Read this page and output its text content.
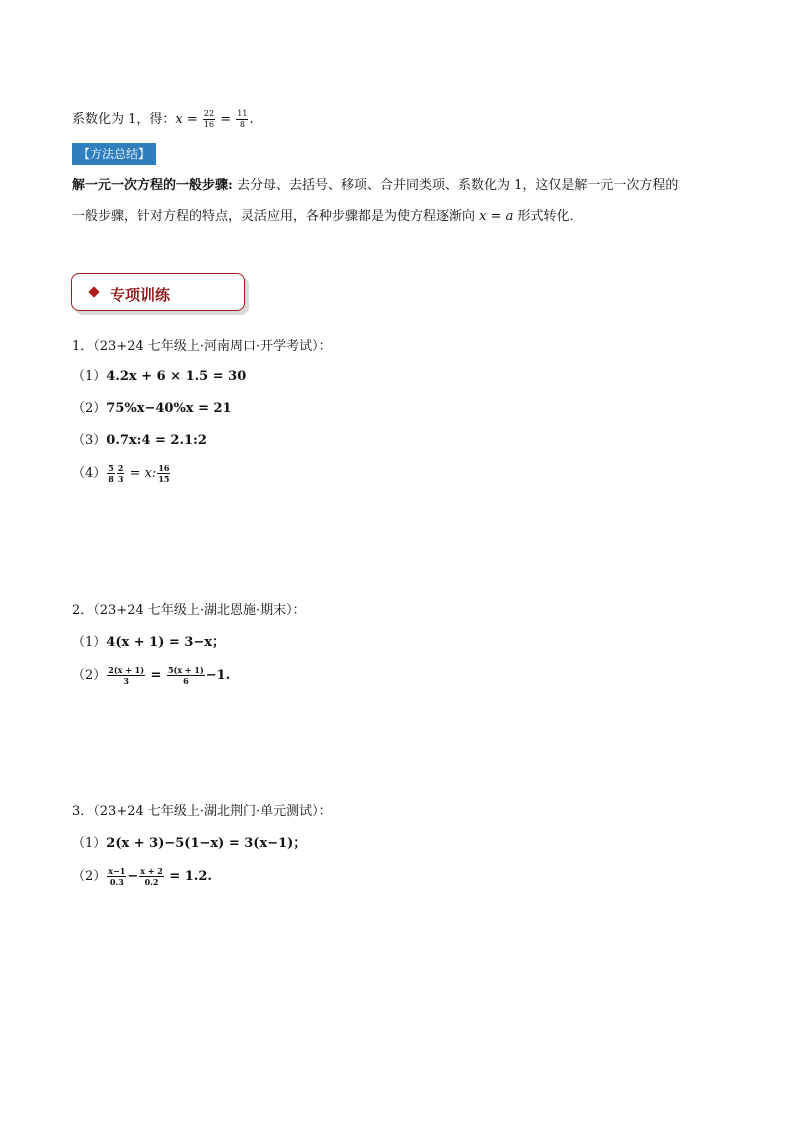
系数化为 1，得：$x = \frac{22}{16} = \frac{11}{8}$ .
【方法总结】
解一元一次方程的一般步骤: 去分母、去括号、移项、合并同类项、系数化为 1，这仅是解一元一次方程的
一般步骤，针对方程的特点，灵活应用，各种步骤都是为使方程逐渐向 x = a 形式转化．
专项训练
1．（23+24 七年级上·河南周口·开学考试）：
（1）4.2x + 6 × 1.5 = 30
（2）75%x−40%x = 21
（3）0.7x:4 = 2.1:2
$(4) \frac{5}{8} \frac{2}{3} = x$: $\frac{16}{15}$
2．（23+24 七年级上·湖北恩施·期末）：
（1）4(x + 1) = 3−x；
$(2) \frac{2(x + 1)}{3} = \frac{5(x + 1)}{6} -1$.
3．（23+24 七年级上·湖北荆门·单元测试）：
（1）2(x + 3)−5(1−x) = 3(x−1)；
$(2) \frac{x-1}{0.3} - \frac{x + 2}{0.2} = 1.2$.
